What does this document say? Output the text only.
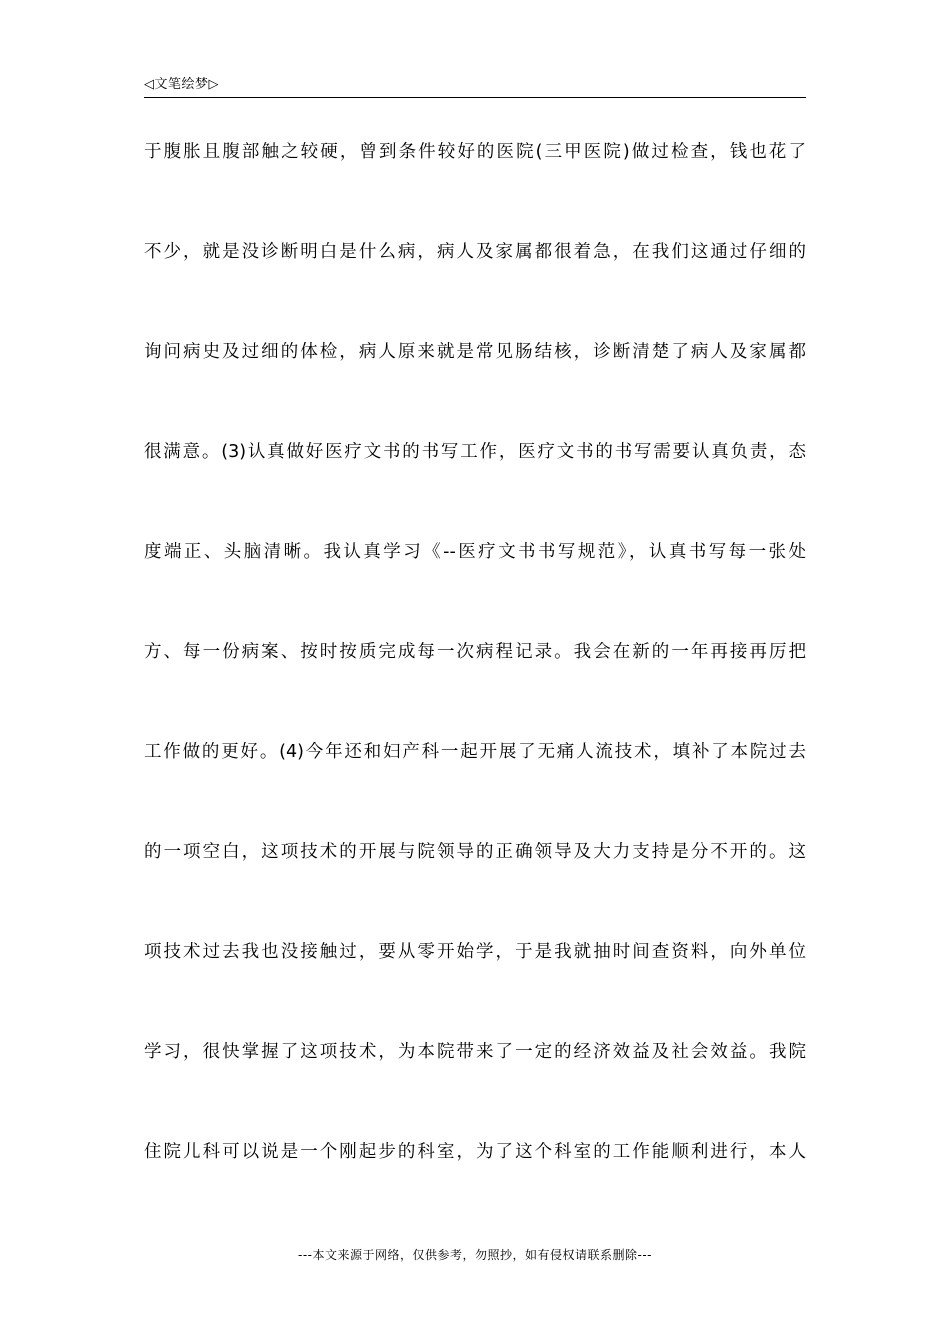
◁文笔绘梦▷
于腹胀且腹部触之较硬，曾到条件较好的医院(三甲医院)做过检查，钱也花了
不少，就是没诊断明白是什么病，病人及家属都很着急，在我们这通过仔细的
询问病史及过细的体检，病人原来就是常见肠结核，诊断清楚了病人及家属都
很满意。(3)认真做好医疗文书的书写工作，医疗文书的书写需要认真负责，态
度端正、头脑清晰。我认真学习《--医疗文书书写规范》，认真书写每一张处
方、每一份病案、按时按质完成每一次病程记录。我会在新的一年再接再厉把
工作做的更好。(4)今年还和妇产科一起开展了无痛人流技术，填补了本院过去
的一项空白，这项技术的开展与院领导的正确领导及大力支持是分不开的。这
项技术过去我也没接触过，要从零开始学，于是我就抽时间查资料，向外单位
学习，很快掌握了这项技术，为本院带来了一定的经济效益及社会效益。我院
住院儿科可以说是一个刚起步的科室，为了这个科室的工作能顺利进行，本人
---本文来源于网络，仅供参考，勿照抄，如有侵权请联系删除---
